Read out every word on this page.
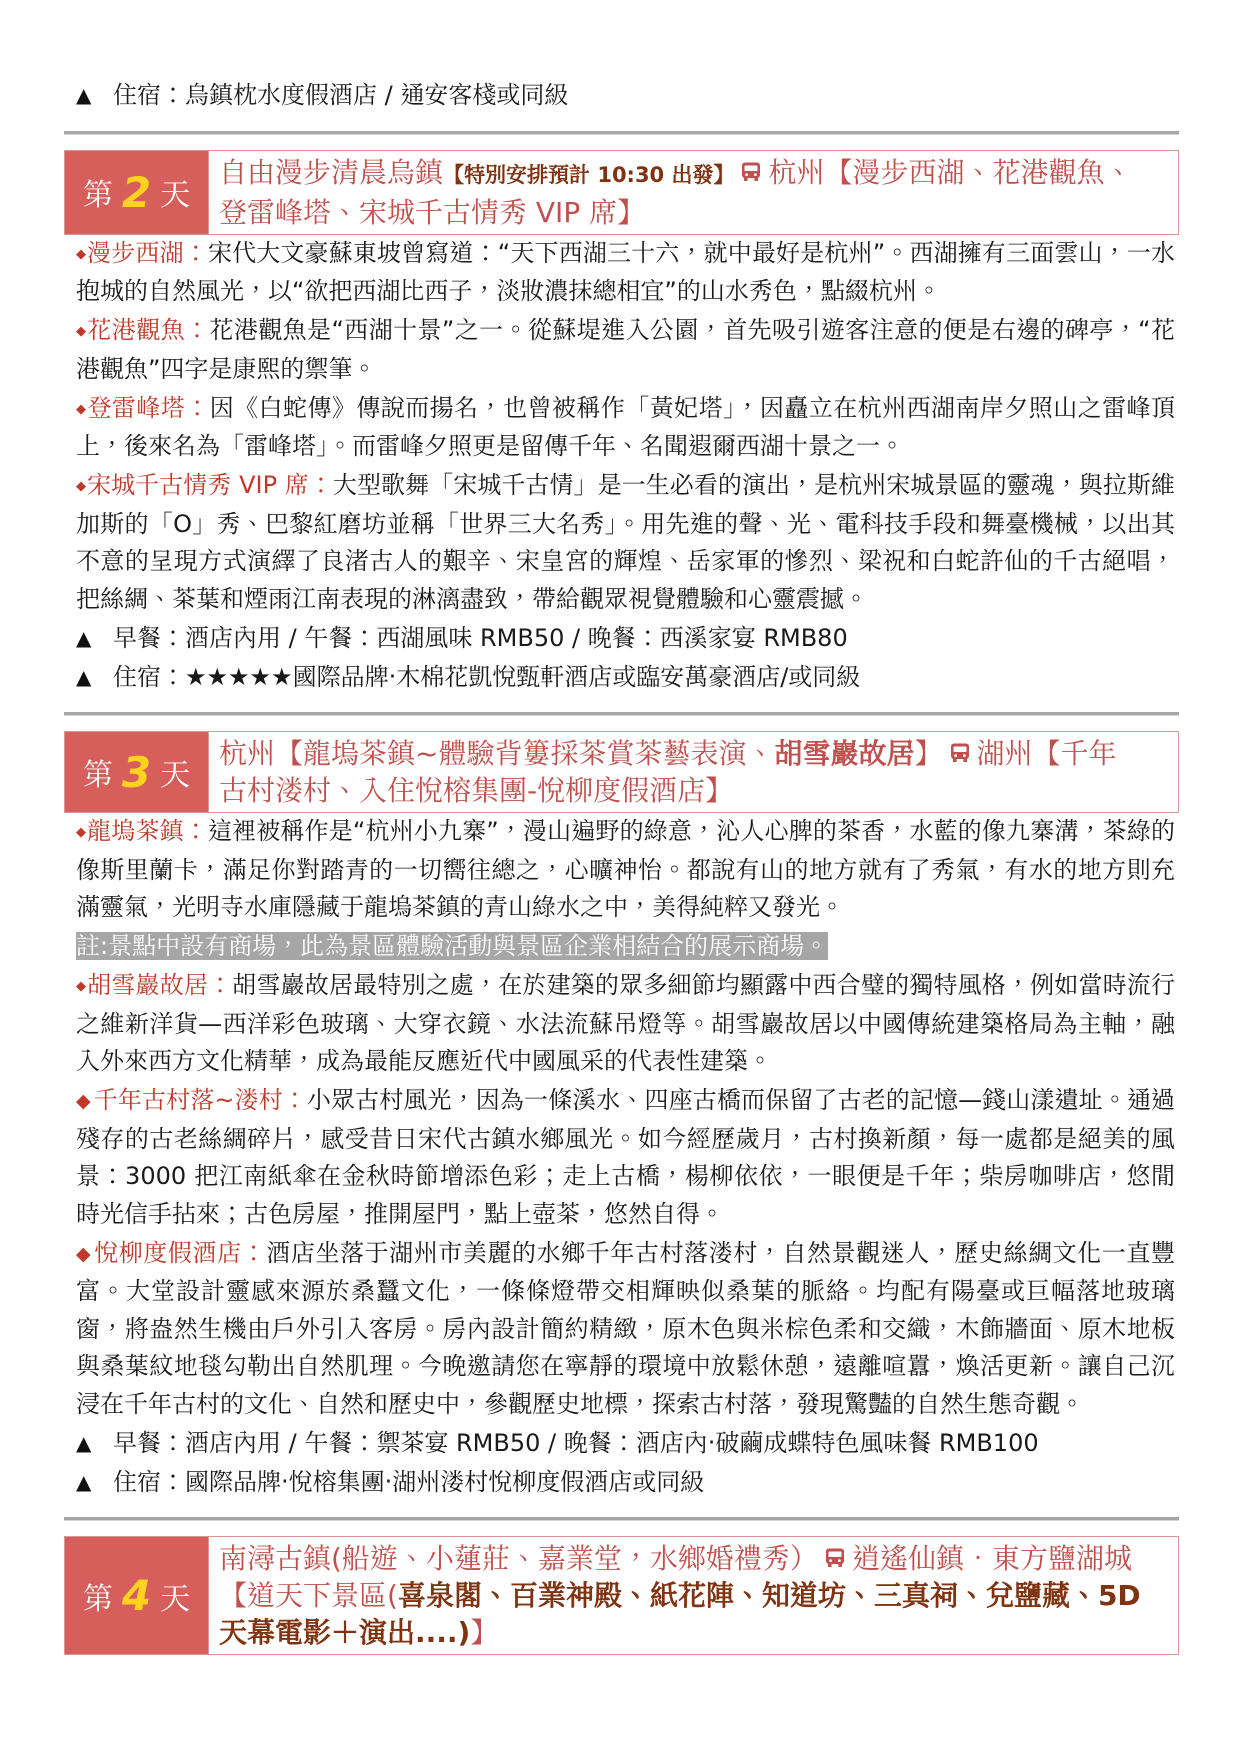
▲ 住宿：烏鎮枕水度假酒店 / 通安客棧或同級

第 2 天
自由漫步清晨烏鎮【特別安排預計 10:30 出發】 杭州【漫步西湖、花港觀魚、
登雷峰塔、宋城千古情秀 VIP 席】

◆漫步西湖：宋代大文豪蘇東坡曾寫道：“天下西湖三十六，就中最好是杭州”。西湖擁有三面雲山，一水抱城的自然風光，以“欲把西湖比西子，淡妝濃抹總相宜”的山水秀色，點綴杭州。

◆花港觀魚：花港觀魚是“西湖十景”之一。從蘇堤進入公園，首先吸引遊客注意的便是右邊的碑亭，“花港觀魚”四字是康熙的禦筆。

◆登雷峰塔：因《白蛇傳》傳說而揚名，也曾被稱作「黃妃塔」，因矗立在杭州西湖南岸夕照山之雷峰頂上，後來名為「雷峰塔」。而雷峰夕照更是留傳千年、名聞遐爾西湖十景之一。

◆宋城千古情秀 VIP 席：大型歌舞「宋城千古情」是一生必看的演出，是杭州宋城景區的靈魂，與拉斯維加斯的「O」秀、巴黎紅磨坊並稱「世界三大名秀」。用先進的聲、光、電科技手段和舞臺機械，以出其不意的呈現方式演繹了良渚古人的艱辛、宋皇宮的輝煌、岳家軍的慘烈、梁祝和白蛇許仙的千古絕唱，把絲綢、茶葉和煙雨江南表現的淋漓盡致，帶給觀眾視覺體驗和心靈震撼。

▲ 早餐：酒店內用 / 午餐：西湖風味 RMB50 / 晚餐：西溪家宴 RMB80

▲ 住宿：★★★★★國際品牌‧木棉花凱悅甄軒酒店或臨安萬豪酒店/或同級

第 3 天
杭州【龍塢茶鎮~體驗背簍採茶賞茶藝表演、胡雪巖故居】 湖州【千年
古村溇村、入住悅榕集團-悅柳度假酒店】

◆龍塢茶鎮：這裡被稱作是“杭州小九寨”，漫山遍野的綠意，沁人心脾的茶香，水藍的像九寨溝，茶綠的像斯里蘭卡，滿足你對踏青的一切嚮往總之，心曠神怡。都說有山的地方就有了秀氣，有水的地方則充滿靈氣，光明寺水庫隱藏于龍塢茶鎮的青山綠水之中，美得純粹又發光。

註:景點中設有商場，此為景區體驗活動與景區企業相結合的展示商場。

◆胡雪巖故居：胡雪巖故居最特別之處，在於建築的眾多細節均顯露中西合璧的獨特風格，例如當時流行之維新洋貨—西洋彩色玻璃、大穿衣鏡、水法流蘇吊燈等。胡雪巖故居以中國傳統建築格局為主軸，融入外來西方文化精華，成為最能反應近代中國風采的代表性建築。

◆ 千年古村落~溇村：小眾古村風光，因為一條溪水、四座古橋而保留了古老的記憶—錢山漾遺址。通過殘存的古老絲綢碎片，感受昔日宋代古鎮水鄉風光。如今經歷歲月，古村換新顏，每一處都是絕美的風景：3000 把江南紙傘在金秋時節增添色彩；走上古橋，楊柳依依，一眼便是千年；柴房咖啡店，悠閒時光信手拈來；古色房屋，推開屋門，點上壺茶，悠然自得。

◆ 悅柳度假酒店：酒店坐落于湖州市美麗的水鄉千年古村落溇村，自然景觀迷人，歷史絲綢文化一直豐富。大堂設計靈感來源於桑蠶文化，一條條燈帶交相輝映似桑葉的脈絡。均配有陽臺或巨幅落地玻璃窗，將盎然生機由戶外引入客房。房內設計簡約精緻，原木色與米棕色柔和交織，木飾牆面、原木地板與桑葉紋地毯勾勒出自然肌理。今晚邀請您在寧靜的環境中放鬆休憩，遠離喧囂，煥活更新。讓自己沉浸在千年古村的文化、自然和歷史中，參觀歷史地標，探索古村落，發現驚豔的自然生態奇觀。

▲ 早餐：酒店內用 / 午餐：禦茶宴 RMB50 / 晚餐：酒店內‧破繭成蝶特色風味餐 RMB100

▲ 住宿：國際品牌‧悅榕集團‧湖州溇村悅柳度假酒店或同級

第 4 天
南潯古鎮(船遊、小蓮莊、嘉業堂，水鄉婚禮秀） 逍遙仙鎮．東方鹽湖城
【道天下景區(喜泉閣、百業神殿、紙花陣、知道坊、三真祠、兌鹽藏、5D
天幕電影＋演出....)】
